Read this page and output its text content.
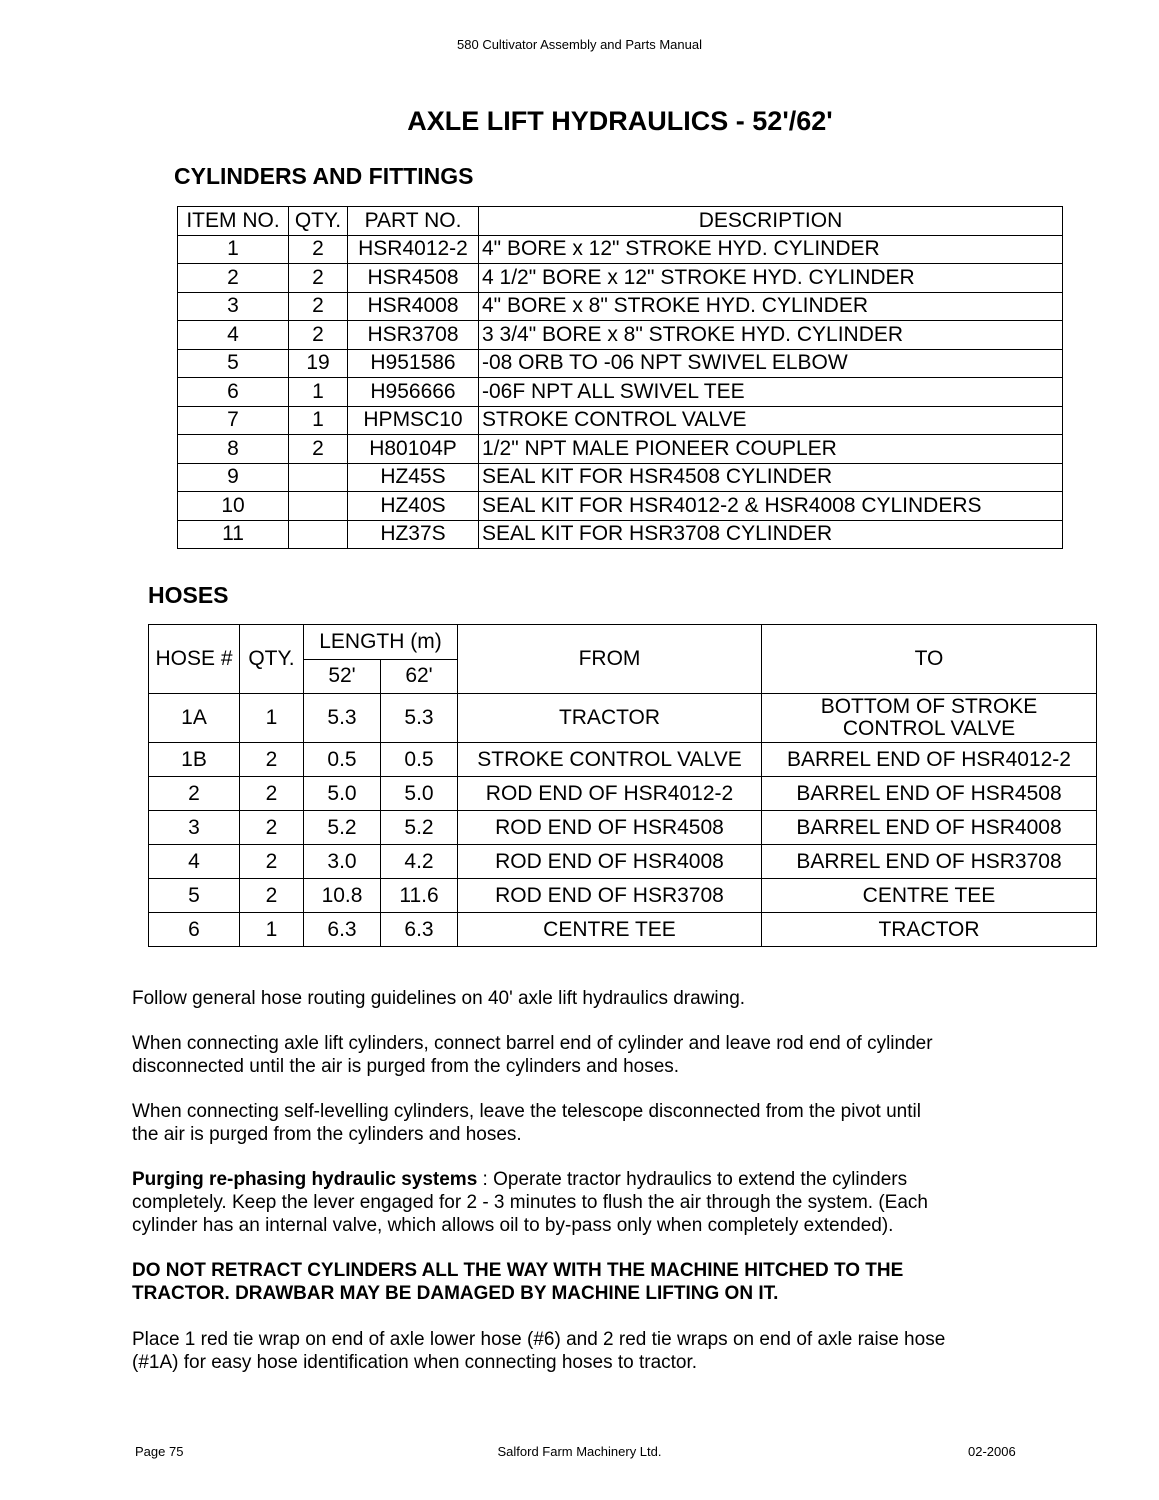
580 Cultivator Assembly and Parts Manual
AXLE LIFT HYDRAULICS - 52'/62'
CYLINDERS AND FITTINGS
ITEM NO.	QTY.	PART NO.	DESCRIPTION
1	2	HSR4012-2	4" BORE x 12" STROKE HYD. CYLINDER
2	2	HSR4508	4 1/2" BORE x 12" STROKE HYD. CYLINDER
3	2	HSR4008	4" BORE x 8" STROKE HYD. CYLINDER
4	2	HSR3708	3 3/4" BORE x 8" STROKE HYD. CYLINDER
5	19	H951586	-08 ORB TO -06 NPT SWIVEL ELBOW
6	1	H956666	-06F NPT ALL SWIVEL TEE
7	1	HPMSC10	STROKE CONTROL VALVE
8	2	H80104P	1/2" NPT MALE PIONEER COUPLER
9		HZ45S	SEAL KIT FOR HSR4508 CYLINDER
10		HZ40S	SEAL KIT FOR HSR4012-2 & HSR4008 CYLINDERS
11		HZ37S	SEAL KIT FOR HSR3708 CYLINDER
HOSES
HOSE #	QTY.	LENGTH (m)		FROM	TO
		52'	62'		
1A	1	5.3	5.3	TRACTOR	BOTTOM OF STROKE
CONTROL VALVE

1B	2	0.5	0.5	STROKE CONTROL VALVE	BARREL END OF HSR4012-2
2	2	5.0	5.0	ROD END OF HSR4012-2	BARREL END OF HSR4508
3	2	5.2	5.2	ROD END OF HSR4508	BARREL END OF HSR4008
4	2	3.0	4.2	ROD END OF HSR4008	BARREL END OF HSR3708
5	2	10.8	11.6	ROD END OF HSR3708	CENTRE TEE
6	1	6.3	6.3	CENTRE TEE	TRACTOR
Follow general hose routing guidelines on 40' axle lift hydraulics drawing.
When connecting axle lift cylinders, connect barrel end of cylinder and leave rod end of cylinder
disconnected until the air is purged from the cylinders and hoses.
When connecting self-levelling cylinders, leave the telescope disconnected from the pivot until
the air is purged from the cylinders and hoses.
Purging re-phasing hydraulic systems : Operate tractor hydraulics to extend the cylinders
completely. Keep the lever engaged for 2 - 3 minutes to flush the air through the system. (Each
cylinder has an internal valve, which allows oil to by-pass only when completely extended).
DO NOT RETRACT CYLINDERS ALL THE WAY WITH THE MACHINE HITCHED TO THE
TRACTOR. DRAWBAR MAY BE DAMAGED BY MACHINE LIFTING ON IT.
Place 1 red tie wrap on end of axle lower hose (#6) and 2 red tie wraps on end of axle raise hose
(#1A) for easy hose identification when connecting hoses to tractor.
Page 75	Salford Farm Machinery Ltd.	02-2006
